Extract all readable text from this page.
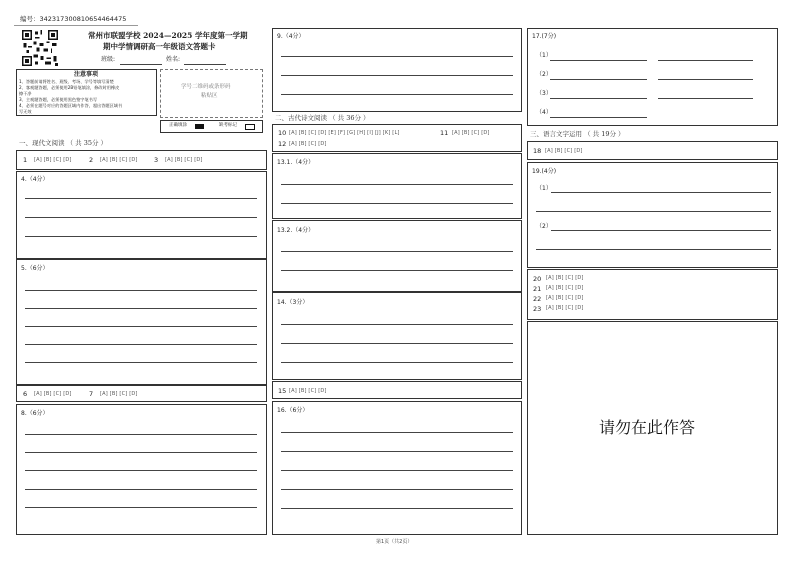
编号：34231730081065446447​5
常州市联盟学校 2024—2025 学年度第一学期
期中学情调研高一年级语文答题卡
班级:	姓名:
注意事项
1、答题前请将姓名、班级、考场、学号等填写清楚
2、客观题答题，必须使用2B铅笔填涂，修改时用橡皮
擦干净
3、主观题答题，必须使用黑色签字笔书写
4、必须在题号对应的答题区域内作答，超出答题区域书
写无效
学号二维码或条形码
粘贴区
正确填涂	缺考标记
一、现代文阅读 （ 共 35分 ）
1 [A] [B] [C] [D]	2 [A] [B] [C] [D]	3 [A] [B] [C] [D]
4.（4分）
5.（6分）
6 [A] [B] [C] [D]	7 [A] [B] [C] [D]
8.（6分）
9.（4分）
二、古代诗文阅读 （ 共 36分 ）
10 [A] [B] [C] [D] [E] [F] [G] [H] [I] [J] [K] [L]	11 [A] [B] [C] [D]
12 [A] [B] [C] [D]
13.1.（4分）
13.2.（4分）
14.（3分）
15 [A] [B] [C] [D]
16.（6分）
17.(7分)
（1）
（2）
（3）
（4）
三、语言文字运用 （ 共 19分 ）
18 [A] [B] [C] [D]
19.(4分)
（1）
（2）
20 [A] [B] [C] [D]
21 [A] [B] [C] [D]
22 [A] [B] [C] [D]
23 [A] [B] [C] [D]
请勿在此作答
第1页（共2页）
